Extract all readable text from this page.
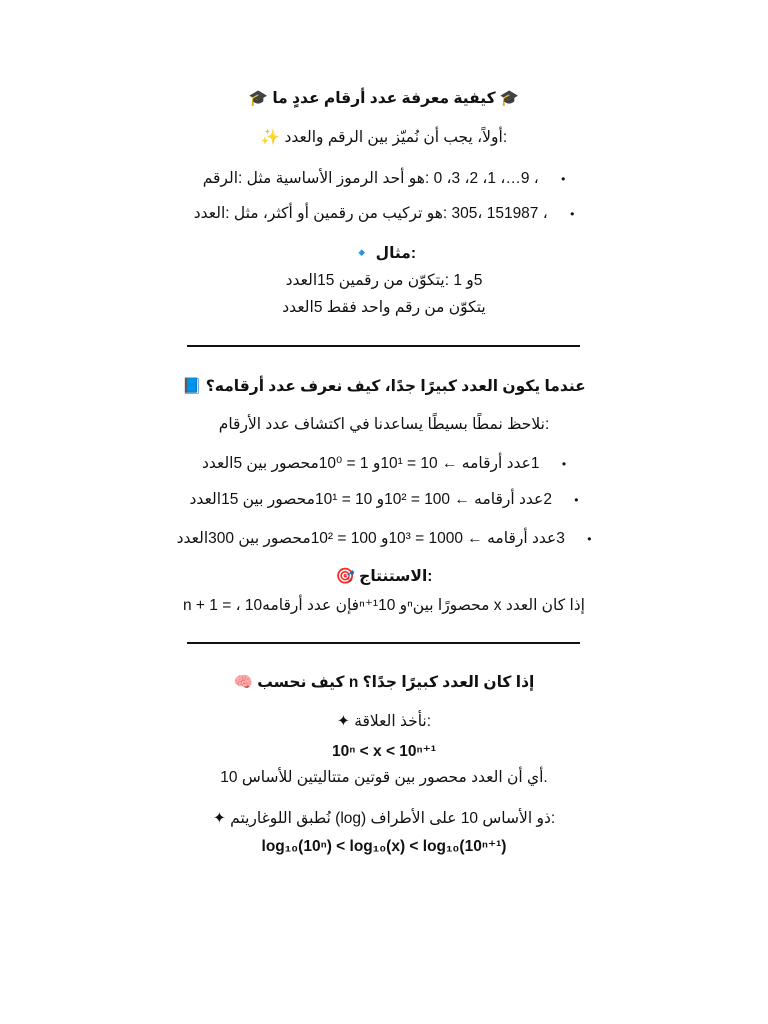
🎓 كيفية معرفة عدد أرقام عددٍ ما 🎓
:أولاً، يجب أن نُميّز بين الرقم والعدد ✨
، 9…، 1، 2، 3، 0 :هو أحد الرموز الأساسية مثل :الرقم •
، 151987 ،305 :هو تركيب من رقمين أو أكثر، مثل :العدد •
:مثال 🔹
5و 1 :يتكوّن من رقمين 15العدد
يتكوّن من رقم واحد فقط 5العدد
عندما يكون العدد كبيرًا جدًا، كيف نعرف عدد أرقامه؟ 📘
:نلاحظ نمطًا بسيطًا يساعدنا في اكتشاف عدد الأرقام
1عدد أرقامه ← 10 = 10¹و 1 = 10⁰محصور بين 5العدد •
2عدد أرقامه ← 100 = 10²و 10 = 10¹محصور بين 15العدد •
3عدد أرقامه ← 1000 = 10³و 100 = 10²محصور بين 300العدد •
:الاستنتاج 🎯
n + 1 = ، فإن عدد أرقامه10ⁿ⁺¹و 10ⁿمحصورًا بين x إذا كان العدد
إذا كان العدد كبيرًا جدًا؟ n كيف نحسب 🧠
:نأخذ العلاقة ✦
10ⁿ < x < 10ⁿ⁺¹
.أي أن العدد محصور بين قوتين متتاليتين للأساس 10
:ذو الأساس 10 على الأطراف (log) نُطبق اللوغاريتم ✦
log₁₀(10ⁿ) < log₁₀(x) < log₁₀(10ⁿ⁺¹)
